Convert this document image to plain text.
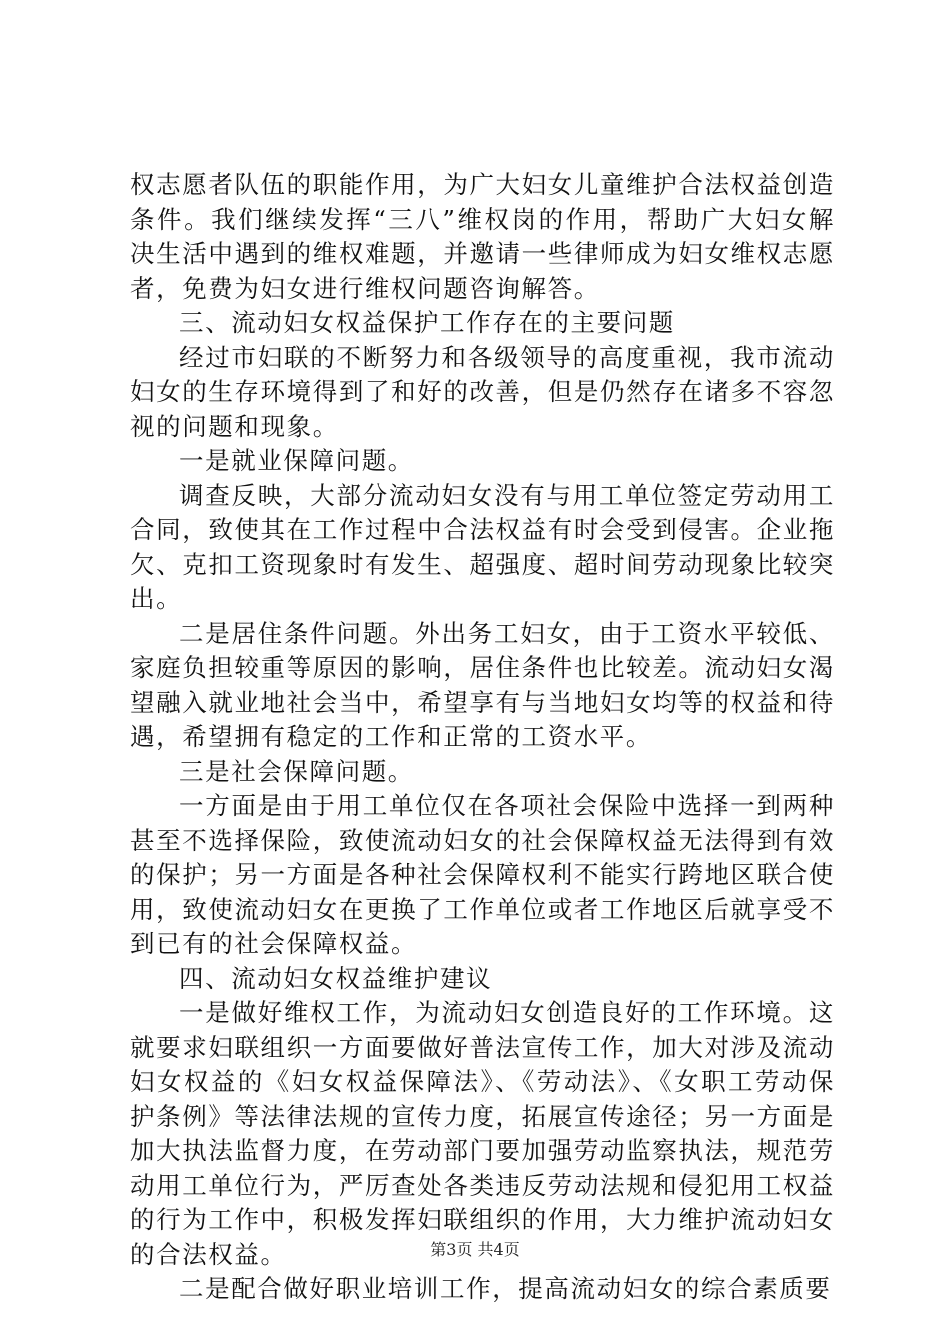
权志愿者队伍的职能作用，为广大妇女儿童维护合法权益创造条件。我们继续发挥“三八”维权岗的作用，帮助广大妇女解决生活中遇到的维权难题，并邀请一些律师成为妇女维权志愿者，免费为妇女进行维权问题咨询解答。

三、流动妇女权益保护工作存在的主要问题

经过市妇联的不断努力和各级领导的高度重视，我市流动妇女的生存环境得到了和好的改善，但是仍然存在诸多不容忽视的问题和现象。

一是就业保障问题。

调查反映，大部分流动妇女没有与用工单位签定劳动用工合同，致使其在工作过程中合法权益有时会受到侵害。企业拖欠、克扣工资现象时有发生、超强度、超时间劳动现象比较突出。

二是居住条件问题。外出务工妇女，由于工资水平较低、家庭负担较重等原因的影响，居住条件也比较差。流动妇女渴望融入就业地社会当中，希望享有与当地妇女均等的权益和待遇，希望拥有稳定的工作和正常的工资水平。

三是社会保障问题。

一方面是由于用工单位仅在各项社会保险中选择一到两种甚至不选择保险，致使流动妇女的社会保障权益无法得到有效的保护；另一方面是各种社会保障权利不能实行跨地区联合使用，致使流动妇女在更换了工作单位或者工作地区后就享受不到已有的社会保障权益。

四、流动妇女权益维护建议

一是做好维权工作，为流动妇女创造良好的工作环境。这就要求妇联组织一方面要做好普法宣传工作，加大对涉及流动妇女权益的《妇女权益保障法》、《劳动法》、《女职工劳动保护条例》等法律法规的宣传力度，拓展宣传途径；另一方面是加大执法监督力度，在劳动部门要加强劳动监察执法，规范劳动用工单位行为，严厉查处各类违反劳动法规和侵犯用工权益的行为工作中，积极发挥妇联组织的作用，大力维护流动妇女的合法权益。

二是配合做好职业培训工作，提高流动妇女的综合素质要

第3页 共4页
